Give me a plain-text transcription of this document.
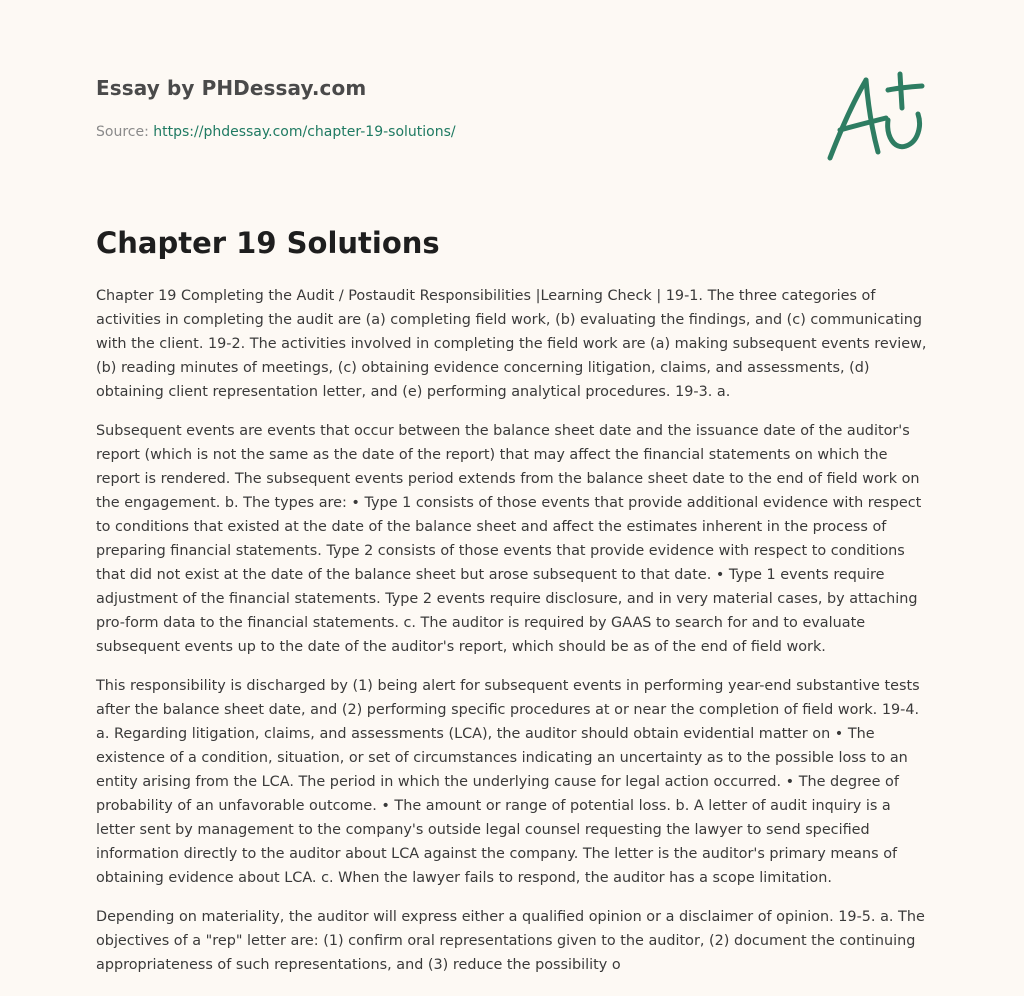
Essay by PHDessay.com
Source: https://phdessay.com/chapter-19-solutions/
Chapter 19 Solutions

Chapter 19 Completing the Audit / Postaudit Responsibilities |Learning Check | 19-1. The three categories of activities in completing the audit are (a) completing field work, (b) evaluating the findings, and (c) communicating with the client. 19-2. The activities involved in completing the field work are (a) making subsequent events review, (b) reading minutes of meetings, (c) obtaining evidence concerning litigation, claims, and assessments, (d) obtaining client representation letter, and (e) performing analytical procedures. 19-3. a.

Subsequent events are events that occur between the balance sheet date and the issuance date of the auditor's report (which is not the same as the date of the report) that may affect the financial statements on which the report is rendered. The subsequent events period extends from the balance sheet date to the end of field work on the engagement. b. The types are: • Type 1 consists of those events that provide additional evidence with respect to conditions that existed at the date of the balance sheet and affect the estimates inherent in the process of preparing financial statements. Type 2 consists of those events that provide evidence with respect to conditions that did not exist at the date of the balance sheet but arose subsequent to that date. • Type 1 events require adjustment of the financial statements. Type 2 events require disclosure, and in very material cases, by attaching pro-form data to the financial statements. c. The auditor is required by GAAS to search for and to evaluate subsequent events up to the date of the auditor's report, which should be as of the end of field work.

This responsibility is discharged by (1) being alert for subsequent events in performing year-end substantive tests after the balance sheet date, and (2) performing specific procedures at or near the completion of field work. 19-4. a. Regarding litigation, claims, and assessments (LCA), the auditor should obtain evidential matter on • The existence of a condition, situation, or set of circumstances indicating an uncertainty as to the possible loss to an entity arising from the LCA. The period in which the underlying cause for legal action occurred. • The degree of probability of an unfavorable outcome. • The amount or range of potential loss. b. A letter of audit inquiry is a letter sent by management to the company's outside legal counsel requesting the lawyer to send specified information directly to the auditor about LCA against the company. The letter is the auditor's primary means of obtaining evidence about LCA. c. When the lawyer fails to respond, the auditor has a scope limitation.

Depending on materiality, the auditor will express either a qualified opinion or a disclaimer of opinion. 19-5. a. The objectives of a "rep" letter are: (1) confirm oral representations given to the auditor, (2) document the continuing appropriateness of such representations, and (3) reduce the possibility o
